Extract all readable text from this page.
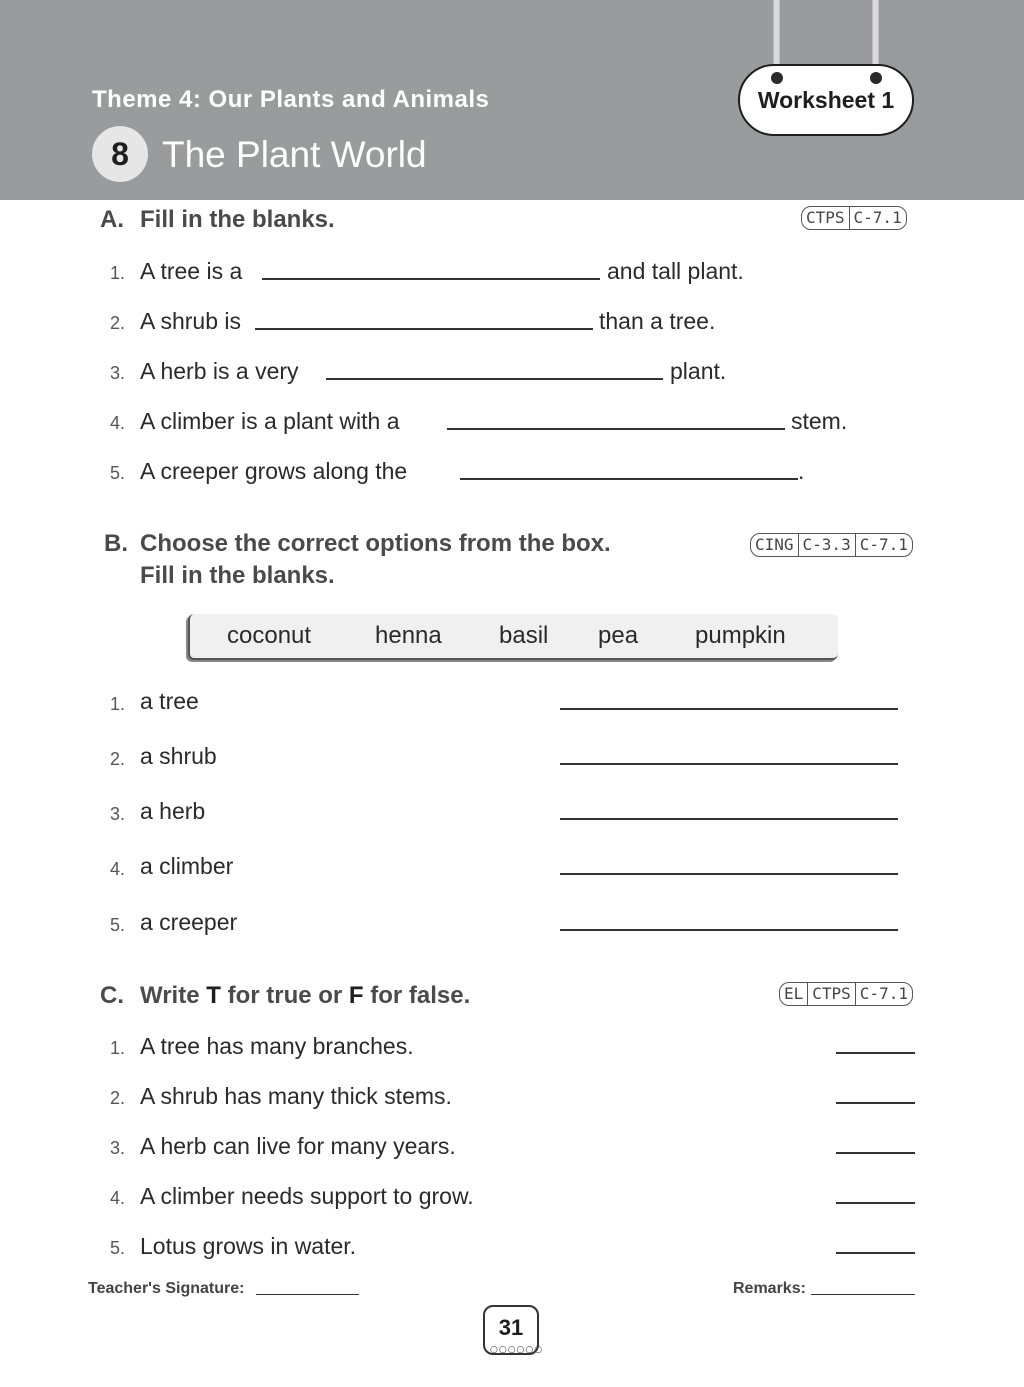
Theme 4: Our Plants and Animals
8 The Plant World
Worksheet 1
A. Fill in the blanks.	CTPS C-7.1
1. A tree is a	and tall plant.
2. A shrub is	than a tree.
3. A herb is a very	plant.
4. A climber is a plant with a	stem.
5. A creeper grows along the	.
B. Choose the correct options from the box.
Fill in the blanks.
CING C-3.3 C-7.1
coconut	henna basil pea pumpkin
1. a tree
2. a shrub
3. a herb
4. a climber
5. a creeper
C. Write T for true or F for false.	EL CTPS C-7.1
1. A tree has many branches.
2. A shrub has many thick stems.
3. A herb can live for many years.
4. A climber needs support to grow.
5. Lotus grows in water.
Teacher's Signature:	Remarks:
31
○○○○○○
